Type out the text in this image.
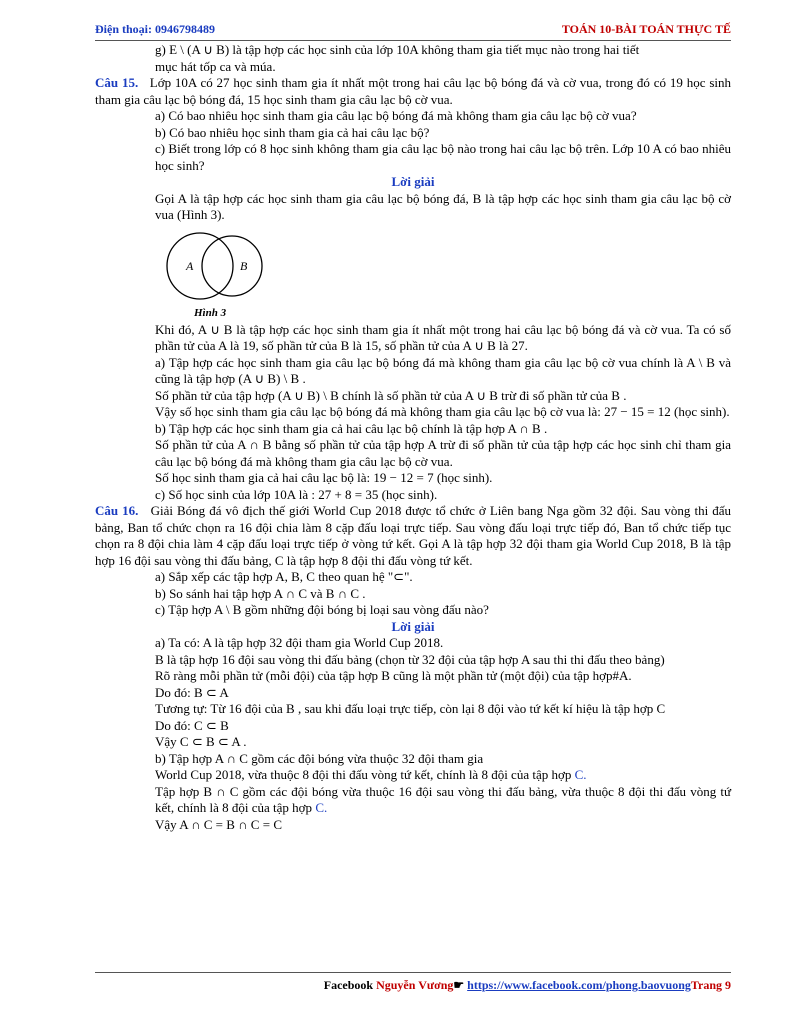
Điện thoại: 0946798489	TOÁN 10-BÀI TOÁN THỰC TẾ

g) E \ (A ∪ B) là tập hợp các học sinh của lớp 10A không tham gia tiết mục nào trong hai tiết

mục hát tốp ca và múa.

Câu 15. Lớp 10A có 27 học sinh tham gia ít nhất một trong hai câu lạc bộ bóng đá và cờ vua, trong đó có 19 học sinh tham gia câu lạc bộ bóng đá, 15 học sinh tham gia câu lạc bộ cờ vua.

a) Có bao nhiêu học sinh tham gia câu lạc bộ bóng đá mà không tham gia câu lạc bộ cờ vua?

b) Có bao nhiêu học sinh tham gia cả hai câu lạc bộ?

c) Biết trong lớp có 8 học sinh không tham gia câu lạc bộ nào trong hai câu lạc bộ trên. Lớp 10 A có bao nhiêu học sinh?

Lời giải

Gọi A là tập hợp các học sinh tham gia câu lạc bộ bóng đá, B là tập hợp các học sinh tham gia câu lạc bộ cờ vua (Hình 3).

A	B
Hình 3

Khi đó, A ∪ B là tập hợp các học sinh tham gia ít nhất một trong hai câu lạc bộ bóng đá và cờ vua. Ta có số phần tử của A là 19, số phần tử của B là 15, số phần tử của A ∪ B là 27.

a) Tập hợp các học sinh tham gia câu lạc bộ bóng đá mà không tham gia câu lạc bộ cờ vua chính là A \ B và cũng là tập hợp (A ∪ B) \ B .

Số phần tử của tập hợp (A ∪ B) \ B chính là số phần tử của A ∪ B trừ đi số phần tử của B .

Vậy số học sinh tham gia câu lạc bộ bóng đá mà không tham gia câu lạc bộ cờ vua là: 27 − 15 = 12 (học sinh).

b) Tập hợp các học sinh tham gia cả hai câu lạc bộ chính là tập hợp A ∩ B .

Số phần tử của A ∩ B bằng số phần tử của tập hợp A trừ đi số phần tử của tập hợp các học sinh chỉ tham gia câu lạc bộ bóng đá mà không tham gia câu lạc bộ cờ vua.

Số học sinh tham gia cả hai câu lạc bộ là: 19 − 12 = 7 (học sinh).

c) Số học sinh của lớp 10A là : 27 + 8 = 35 (học sinh).

Câu 16. Giải Bóng đá vô địch thế giới World Cup 2018 được tổ chức ở Liên bang Nga gồm 32 đội. Sau vòng thi đấu bảng, Ban tổ chức chọn ra 16 đội chia làm 8 cặp đấu loại trực tiếp. Sau vòng đấu loại trực tiếp đó, Ban tổ chức tiếp tục chọn ra 8 đội chia làm 4 cặp đấu loại trực tiếp ở vòng tứ kết. Gọi A là tập hợp 32 đội tham gia World Cup 2018, B là tập hợp 16 đội sau vòng thi đấu bảng, C là tập hợp 8 đội thi đấu vòng tứ kết.

a) Sắp xếp các tập hợp A, B, C theo quan hệ "⊂".

b) So sánh hai tập hợp A ∩ C và B ∩ C .

c) Tập hợp A \ B gồm những đội bóng bị loại sau vòng đấu nào?

Lời giải

a) Ta có: A là tập hợp 32 đội tham gia World Cup 2018.

B là tập hợp 16 đội sau vòng thi đấu bảng (chọn từ 32 đội của tập hợp A sau thi thi đấu theo bảng)

Rõ ràng mỗi phần tử (mỗi đội) của tập hợp B cũng là một phần tử (một đội) của tập hợp#A.

Do đó: B ⊂ A

Tương tự: Từ 16 đội của B , sau khi đấu loại trực tiếp, còn lại 8 đội vào tứ kết kí hiệu là tập hợp C

Do đó: C ⊂ B

Vậy C ⊂ B ⊂ A .

b) Tập hợp A ∩ C gồm các đội bóng vừa thuộc 32 đội tham gia

World Cup 2018, vừa thuộc 8 đội thi đấu vòng tứ kết, chính là 8 đội của tập hợp C.

Tập hợp B ∩ C gồm các đội bóng vừa thuộc 16 đội sau vòng thi đấu bảng, vừa thuộc 8 đội thi đấu vòng tứ kết, chính là 8 đội của tập hợp C.

Vậy A ∩ C = B ∩ C = C

Facebook Nguyễn Vương☛ https://www.facebook.com/phong.baovuongTrang 9
